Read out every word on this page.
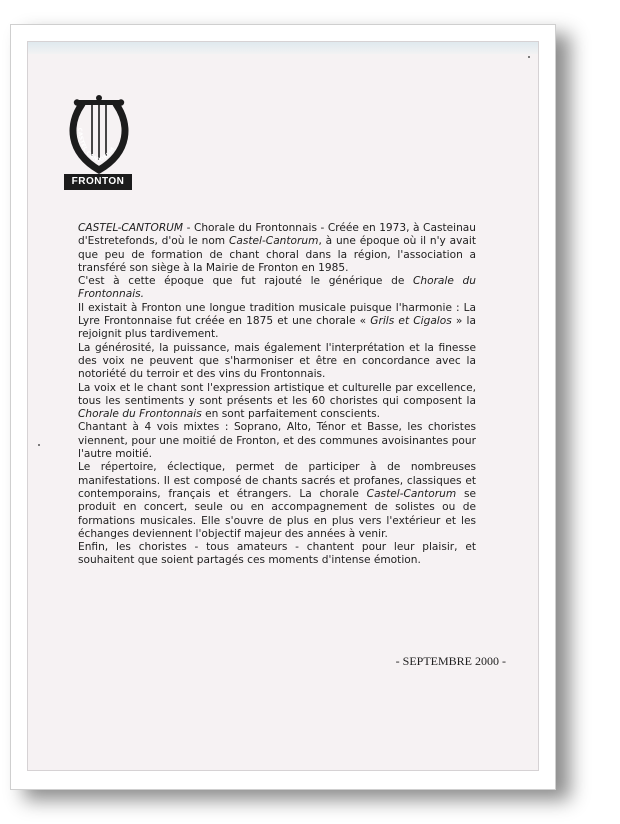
CASTEL CANTORUM
FRONTON

CASTEL-CANTORUM - Chorale du Frontonnais - Créée en 1973, à Casteinau d'Estretefonds, d'où le nom Castel-Cantorum, à une époque où il n'y avait que peu de formation de chant choral dans la région, l'association a transféré son siège à la Mairie de Fronton en 1985.

C'est à cette époque que fut rajouté le générique de Chorale du Frontonnais.

Il existait à Fronton une longue tradition musicale puisque l'harmonie : La Lyre Frontonnaise fut créée en 1875 et une chorale « Grils et Cigalos » la rejoignit plus tardivement.

La générosité, la puissance, mais également l'interprétation et la finesse des voix ne peuvent que s'harmoniser et être en concordance avec la notoriété du terroir et des vins du Frontonnais.

La voix et le chant sont l'expression artistique et culturelle par excellence, tous les sentiments y sont présents et les 60 choristes qui composent la Chorale du Frontonnais en sont parfaitement conscients.

Chantant à 4 vois mixtes : Soprano, Alto, Ténor et Basse, les choristes viennent, pour une moitié de Fronton, et des communes avoisinantes pour l'autre moitié.

Le répertoire, éclectique, permet de participer à de nombreuses manifestations. Il est composé de chants sacrés et profanes, classiques et contemporains, français et étrangers. La chorale Castel-Cantorum se produit en concert, seule ou en accompagnement de solistes ou de formations musicales. Elle s'ouvre de plus en plus vers l'extérieur et les échanges deviennent l'objectif majeur des années à venir.

Enfin, les choristes - tous amateurs - chantent pour leur plaisir, et souhaitent que soient partagés ces moments d'intense émotion.

- SEPTEMBRE 2000 -
